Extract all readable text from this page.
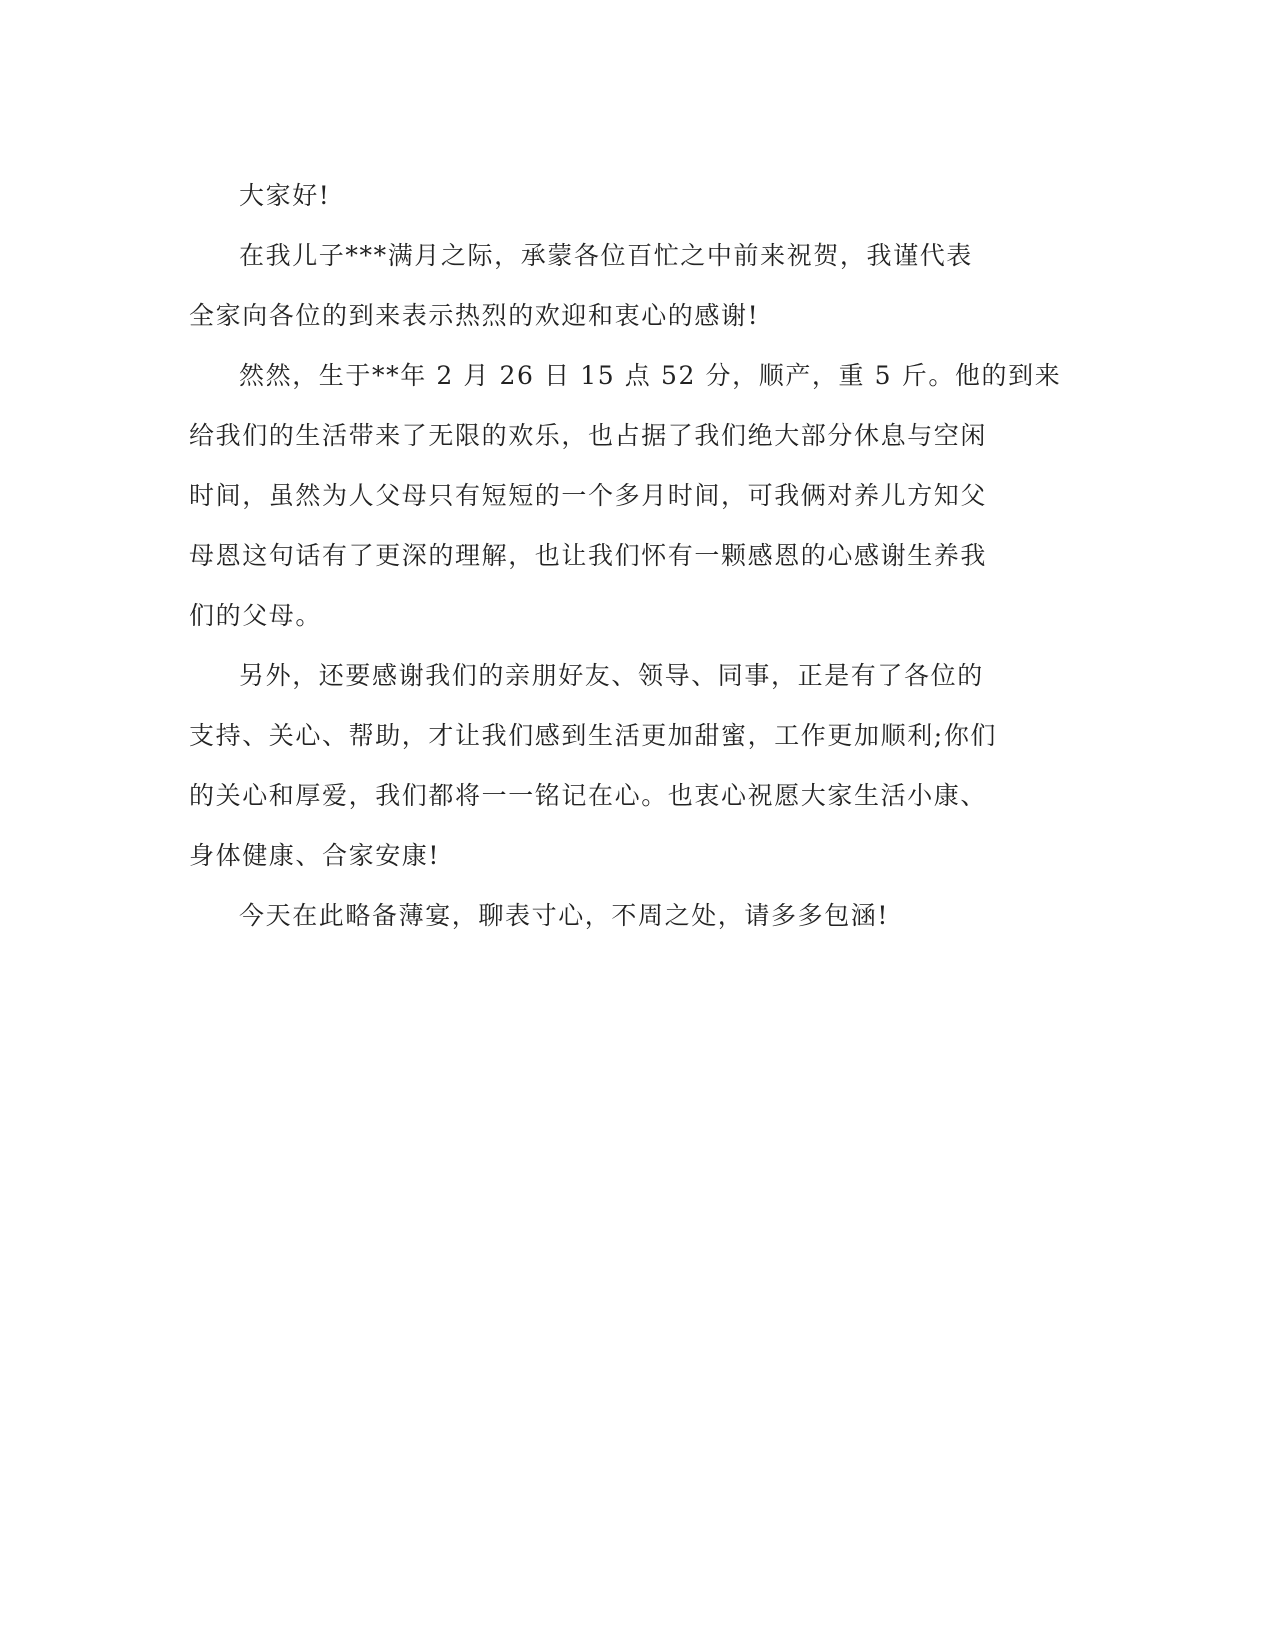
大家好!

在我儿子***满月之际，承蒙各位百忙之中前来祝贺，我谨代表
全家向各位的到来表示热烈的欢迎和衷心的感谢!

然然，生于**年 2 月 26 日 15 点 52 分，顺产，重 5 斤。他的到来
给我们的生活带来了无限的欢乐，也占据了我们绝大部分休息与空闲
时间，虽然为人父母只有短短的一个多月时间，可我俩对养儿方知父
母恩这句话有了更深的理解，也让我们怀有一颗感恩的心感谢生养我
们的父母。

另外，还要感谢我们的亲朋好友、领导、同事，正是有了各位的
支持、关心、帮助，才让我们感到生活更加甜蜜，工作更加顺利;你们
的关心和厚爱，我们都将一一铭记在心。也衷心祝愿大家生活小康、
身体健康、合家安康!

今天在此略备薄宴，聊表寸心，不周之处，请多多包涵!
